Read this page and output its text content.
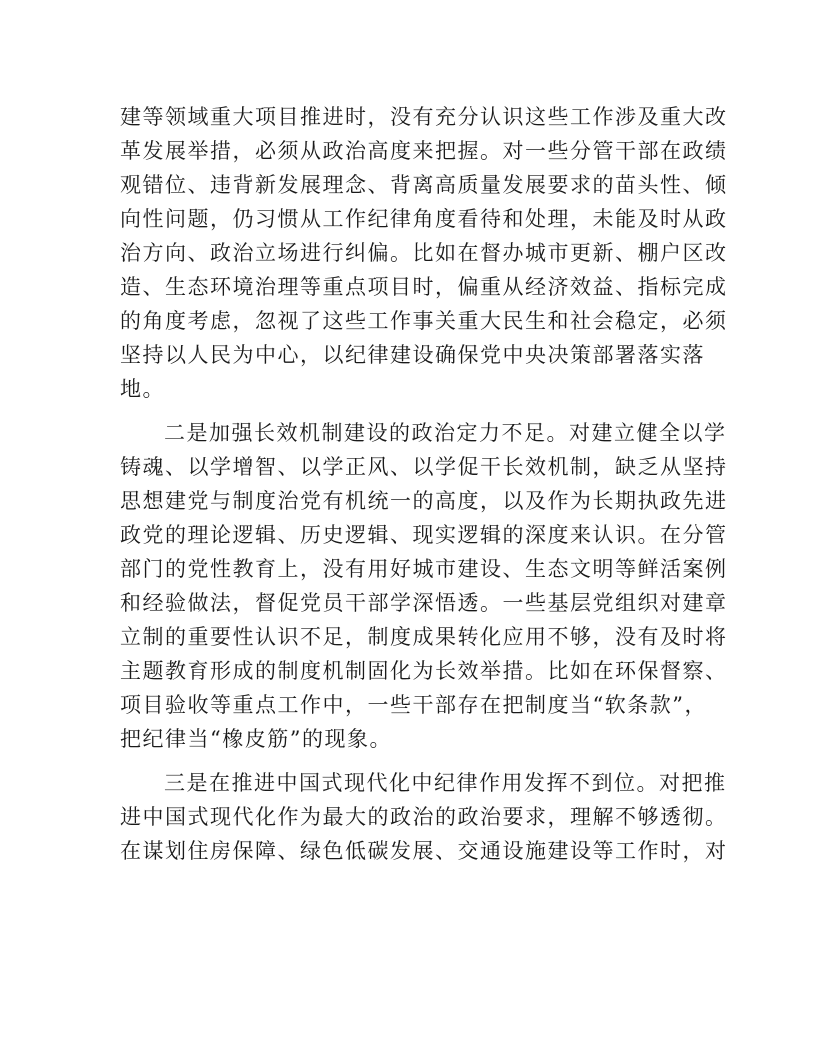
建等领域重大项目推进时，没有充分认识这些工作涉及重大改
革发展举措，必须从政治高度来把握。对一些分管干部在政绩
观错位、违背新发展理念、背离高质量发展要求的苗头性、倾
向性问题，仍习惯从工作纪律角度看待和处理，未能及时从政
治方向、政治立场进行纠偏。比如在督办城市更新、棚户区改
造、生态环境治理等重点项目时，偏重从经济效益、指标完成
的角度考虑，忽视了这些工作事关重大民生和社会稳定，必须
坚持以人民为中心，以纪律建设确保党中央决策部署落实落
地。
二是加强长效机制建设的政治定力不足。对建立健全以学
铸魂、以学增智、以学正风、以学促干长效机制，缺乏从坚持
思想建党与制度治党有机统一的高度，以及作为长期执政先进
政党的理论逻辑、历史逻辑、现实逻辑的深度来认识。在分管
部门的党性教育上，没有用好城市建设、生态文明等鲜活案例
和经验做法，督促党员干部学深悟透。一些基层党组织对建章
立制的重要性认识不足，制度成果转化应用不够，没有及时将
主题教育形成的制度机制固化为长效举措。比如在环保督察、
项目验收等重点工作中，一些干部存在把制度当“软条款”，
把纪律当“橡皮筋”的现象。
三是在推进中国式现代化中纪律作用发挥不到位。对把推
进中国式现代化作为最大的政治的政治要求，理解不够透彻。
在谋划住房保障、绿色低碳发展、交通设施建设等工作时，对
